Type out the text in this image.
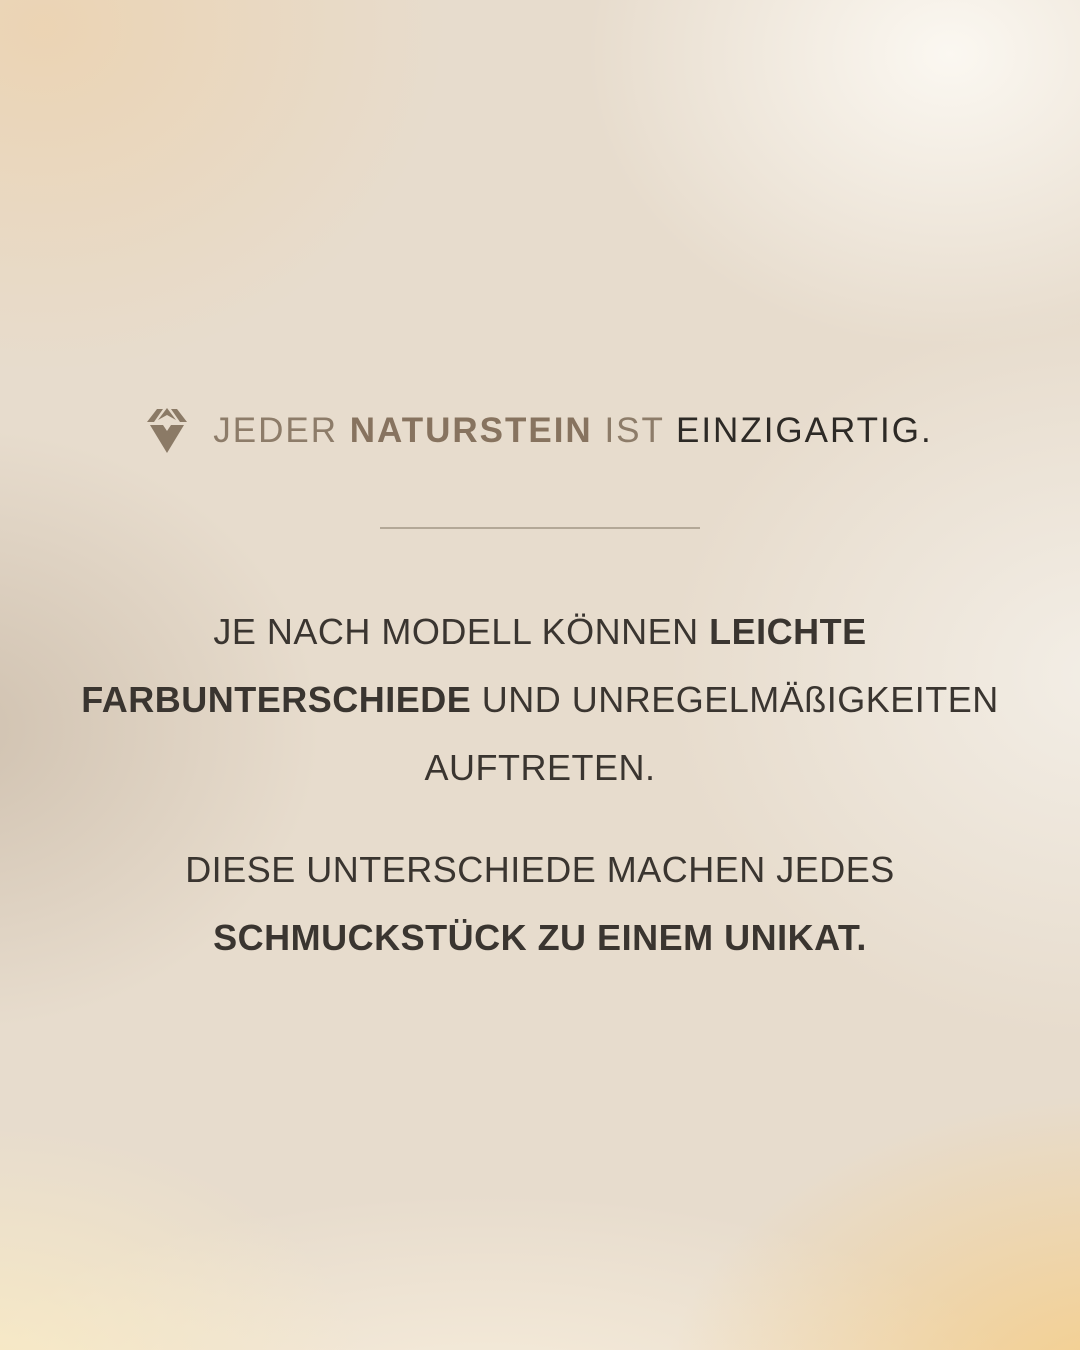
JEDER NATURSTEIN IST EINZIGARTIG.
JE NACH MODELL KÖNNEN LEICHTE
FARBUNTERSCHIEDE UND UNREGELMÄßIGKEITEN
AUFTRETEN.
DIESE UNTERSCHIEDE MACHEN JEDES
SCHMUCKSTÜCK ZU EINEM UNIKAT.
